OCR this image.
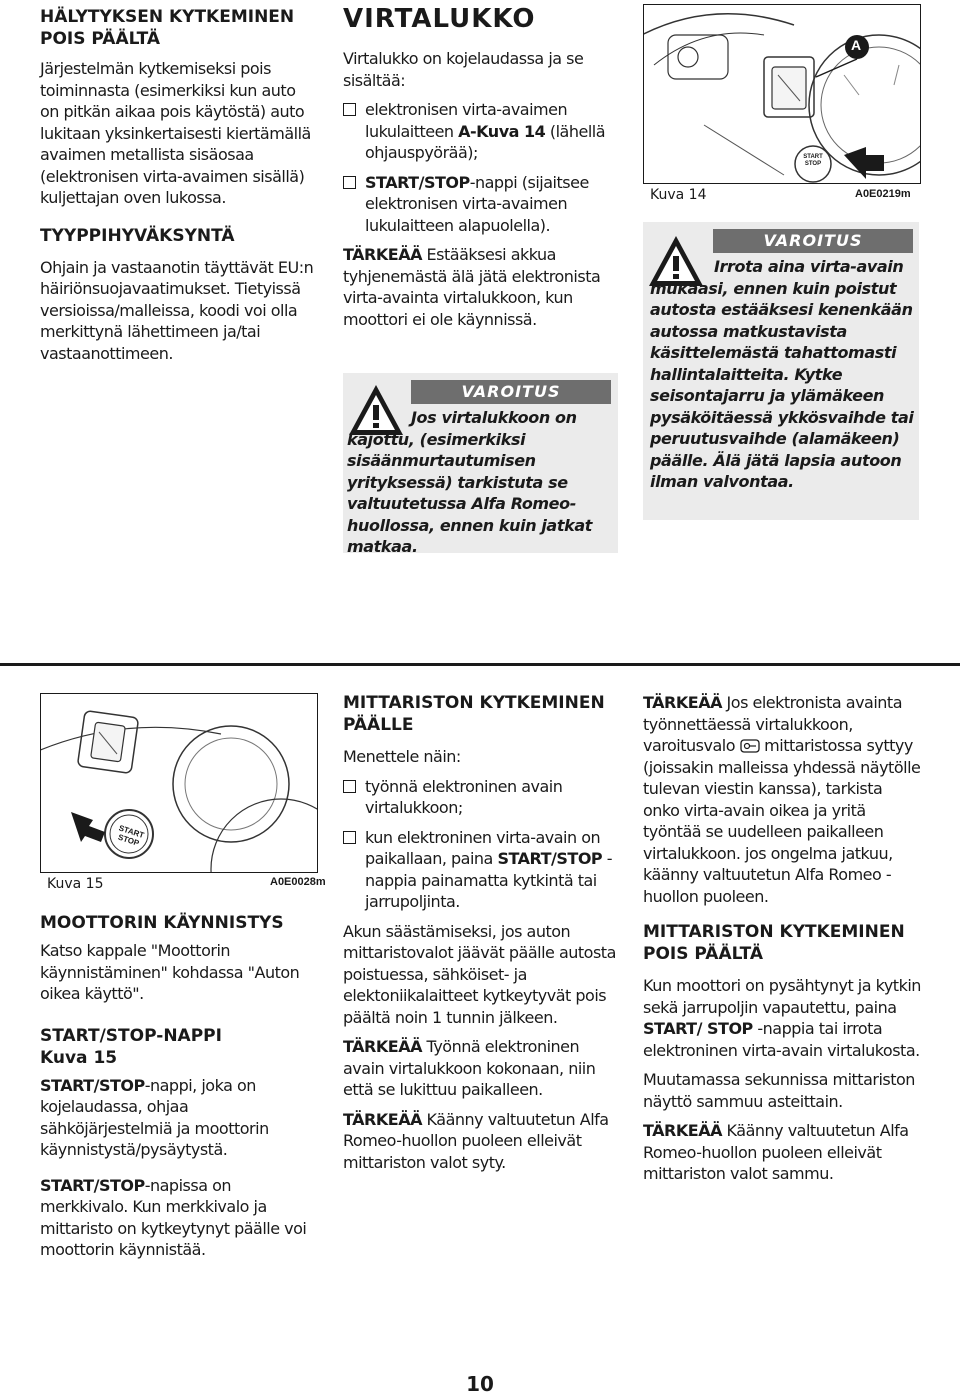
HÄLYTYKSEN KYTKEMINEN POIS PÄÄLTÄ

Järjestelmän kytkemiseksi pois toiminnasta (esimerkiksi kun auto on pitkän aikaa pois käytöstä) auto lukitaan yksinkertaisesti kiertämällä avaimen metallista sisäosaa (elektronisen virta-avaimen sisällä) kuljettajan oven lukossa.

TYYPPIHYVÄKSYNTÄ

Ohjain ja vastaanotin täyttävät EU:n häiriönsuojavaatimukset. Tietyissä versioissa/malleissa, koodi voi olla merkittynä lähettimeen ja/tai vastaanottimeen.

VIRTALUKKO

Virtalukko on kojelaudassa ja se sisältää:

elektronisen virta-avaimen lukulaitteen A-Kuva 14 (lähellä ohjauspyörää);
START/STOP-nappi (sijaitsee elektronisen virta-avaimen lukulaitteen alapuolella).

TÄRKEÄÄ Estääksesi akkua tyhjenemästä älä jätä elektronista virta-avainta virtalukkoon, kun moottori ei ole käynnissä.

VAROITUS
Jos virtalukkoon on kajottu, (esimerkiksi sisäänmurtautumisen yrityksessä) tarkistuta se valtuutetussa Alfa Romeo-huollossa, ennen kuin jatkat matkaa.
A
START STOP
Kuva 14	A0E0219m
VAROITUS
Irrota aina virta-avain mukaasi, ennen kuin poistut autosta estääksesi kenenkään autossa matkustavista käsittelemästä tahattomasti hallintalaitteita. Kytke seisontajarru ja ylämäkeen pysäköitäessä ykkösvaihde tai peruutusvaihde (alamäkeen) päälle. Älä jätä lapsia autoon ilman valvontaa.
START STOP
Kuva 15	A0E0028m
MOOTTORIN KÄYNNISTYS

Katso kappale "Moottorin käynnistäminen" kohdassa "Auton oikea käyttö".

START/STOP-NAPPI
Kuva 15

START/STOP-nappi, joka on kojelaudassa, ohjaa sähköjärjestelmiä ja moottorin käynnistystä/pysäytystä.

START/STOP-napissa on merkkivalo. Kun merkkivalo ja mittaristo on kytkeytynyt päälle voi moottorin käynnistää.

MITTARISTON KYTKEMINEN PÄÄLLE

Menettele näin:

työnnä elektroninen avain virtalukkoon;
kun elektroninen virta-avain on paikallaan, paina START/STOP -nappia painamatta kytkintä tai jarrupoljinta.

Akun säästämiseksi, jos auton mittaristovalot jäävät päälle autosta poistuessa, sähköiset- ja elektoniikalaitteet kytkeytyvät pois päältä noin 1 tunnin jälkeen.

TÄRKEÄÄ Työnnä elektroninen avain virtalukkoon kokonaan, niin että se lukittuu paikalleen.

TÄRKEÄÄ Käänny valtuutetun Alfa Romeo-huollon puoleen elleivät mittariston valot syty.

TÄRKEÄÄ Jos elektronista avainta työnnettäessä virtalukkoon, varoitusvalo  mittaristossa syttyy (joissakin malleissa yhdessä näytölle tulevan viestin kanssa), tarkista onko virta-avain oikea ja yritä työntää se uudelleen paikalleen virtalukkoon. jos ongelma jatkuu, käänny valtuutetun Alfa Romeo -huollon puoleen.

MITTARISTON KYTKEMINEN POIS PÄÄLTÄ

Kun moottori on pysähtynyt ja kytkin sekä jarrupoljin vapautettu, paina START/ STOP -nappia tai irrota elektroninen virta-avain virtalukosta.

Muutamassa sekunnissa mittariston näyttö sammuu asteittain.

TÄRKEÄÄ Käänny valtuutetun Alfa Romeo-huollon puoleen elleivät mittariston valot sammu.

10
